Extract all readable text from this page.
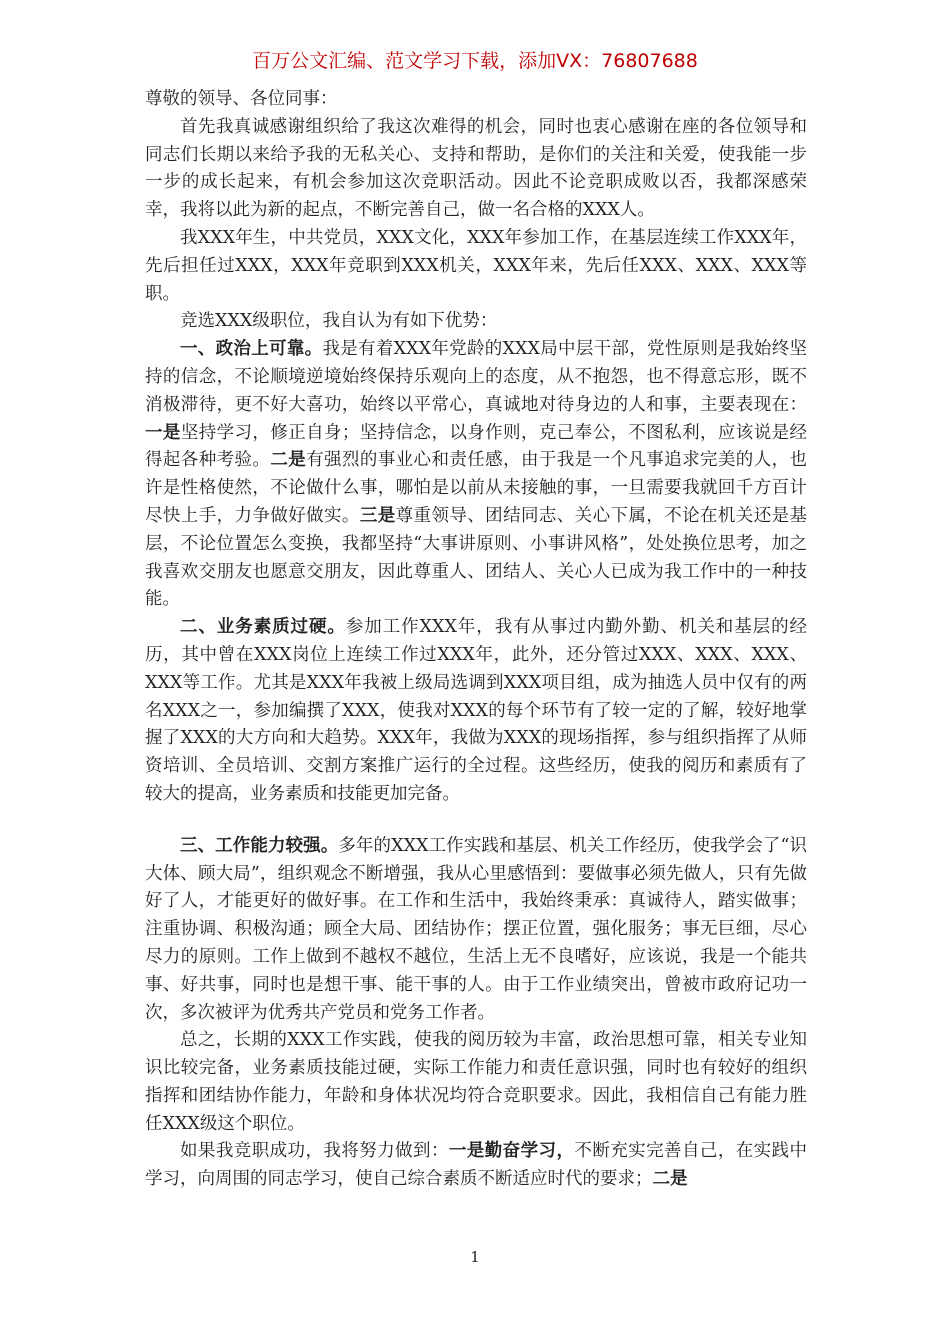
百万公文汇编、范文学习下载，添加VX：76807688

尊敬的领导、各位同事：

首先我真诚感谢组织给了我这次难得的机会，同时也衷心感谢在座的各位领导和同志们长期以来给予我的无私关心、支持和帮助，是你们的关注和关爱，使我能一步一步的成长起来，有机会参加这次竞职活动。因此不论竞职成败以否，我都深感荣幸，我将以此为新的起点，不断完善自己，做一名合格的XXX人。

我XXX年生，中共党员，XXX文化，XXX年参加工作，在基层连续工作XXX年，先后担任过XXX，XXX年竞职到XXX机关，XXX年来，先后任XXX、XXX、XXX等职。

竞选XXX级职位，我自认为有如下优势：

一、政治上可靠。我是有着XXX年党龄的XXX局中层干部，党性原则是我始终坚持的信念，不论顺境逆境始终保持乐观向上的态度，从不抱怨，也不得意忘形，既不消极滞待，更不好大喜功，始终以平常心，真诚地对待身边的人和事，主要表现在：一是坚持学习，修正自身；坚持信念，以身作则，克己奉公，不图私利，应该说是经得起各种考验。二是有强烈的事业心和责任感，由于我是一个凡事追求完美的人，也许是性格使然，不论做什么事，哪怕是以前从未接触的事，一旦需要我就回千方百计尽快上手，力争做好做实。三是尊重领导、团结同志、关心下属，不论在机关还是基层，不论位置怎么变换，我都坚持“大事讲原则、小事讲风格”，处处换位思考，加之我喜欢交朋友也愿意交朋友，因此尊重人、团结人、关心人已成为我工作中的一种技能。

二、业务素质过硬。参加工作XXX年，我有从事过内勤外勤、机关和基层的经历，其中曾在XXX岗位上连续工作过XXX年，此外，还分管过XXX、XXX、XXX、XXX等工作。尤其是XXX年我被上级局选调到XXX项目组，成为抽选人员中仅有的两名XXX之一，参加编撰了XXX，使我对XXX的每个环节有了较一定的了解，较好地掌握了XXX的大方向和大趋势。XXX年，我做为XXX的现场指挥，参与组织指挥了从师资培训、全员培训、交割方案推广运行的全过程。这些经历，使我的阅历和素质有了较大的提高，业务素质和技能更加完备。

三、工作能力较强。多年的XXX工作实践和基层、机关工作经历，使我学会了“识大体、顾大局”，组织观念不断增强，我从心里感悟到：要做事必须先做人，只有先做好了人，才能更好的做好事。在工作和生活中，我始终秉承：真诚待人，踏实做事；注重协调、积极沟通；顾全大局、团结协作；摆正位置，强化服务；事无巨细，尽心尽力的原则。工作上做到不越权不越位，生活上无不良嗜好，应该说，我是一个能共事、好共事，同时也是想干事、能干事的人。由于工作业绩突出，曾被市政府记功一次，多次被评为优秀共产党员和党务工作者。

总之，长期的XXX工作实践，使我的阅历较为丰富，政治思想可靠，相关专业知识比较完备，业务素质技能过硬，实际工作能力和责任意识强，同时也有较好的组织指挥和团结协作能力，年龄和身体状况均符合竞职要求。因此，我相信自己有能力胜任XXX级这个职位。

如果我竞职成功，我将努力做到：一是勤奋学习，不断充实完善自己，在实践中学习，向周围的同志学习，使自己综合素质不断适应时代的要求；二是

1
